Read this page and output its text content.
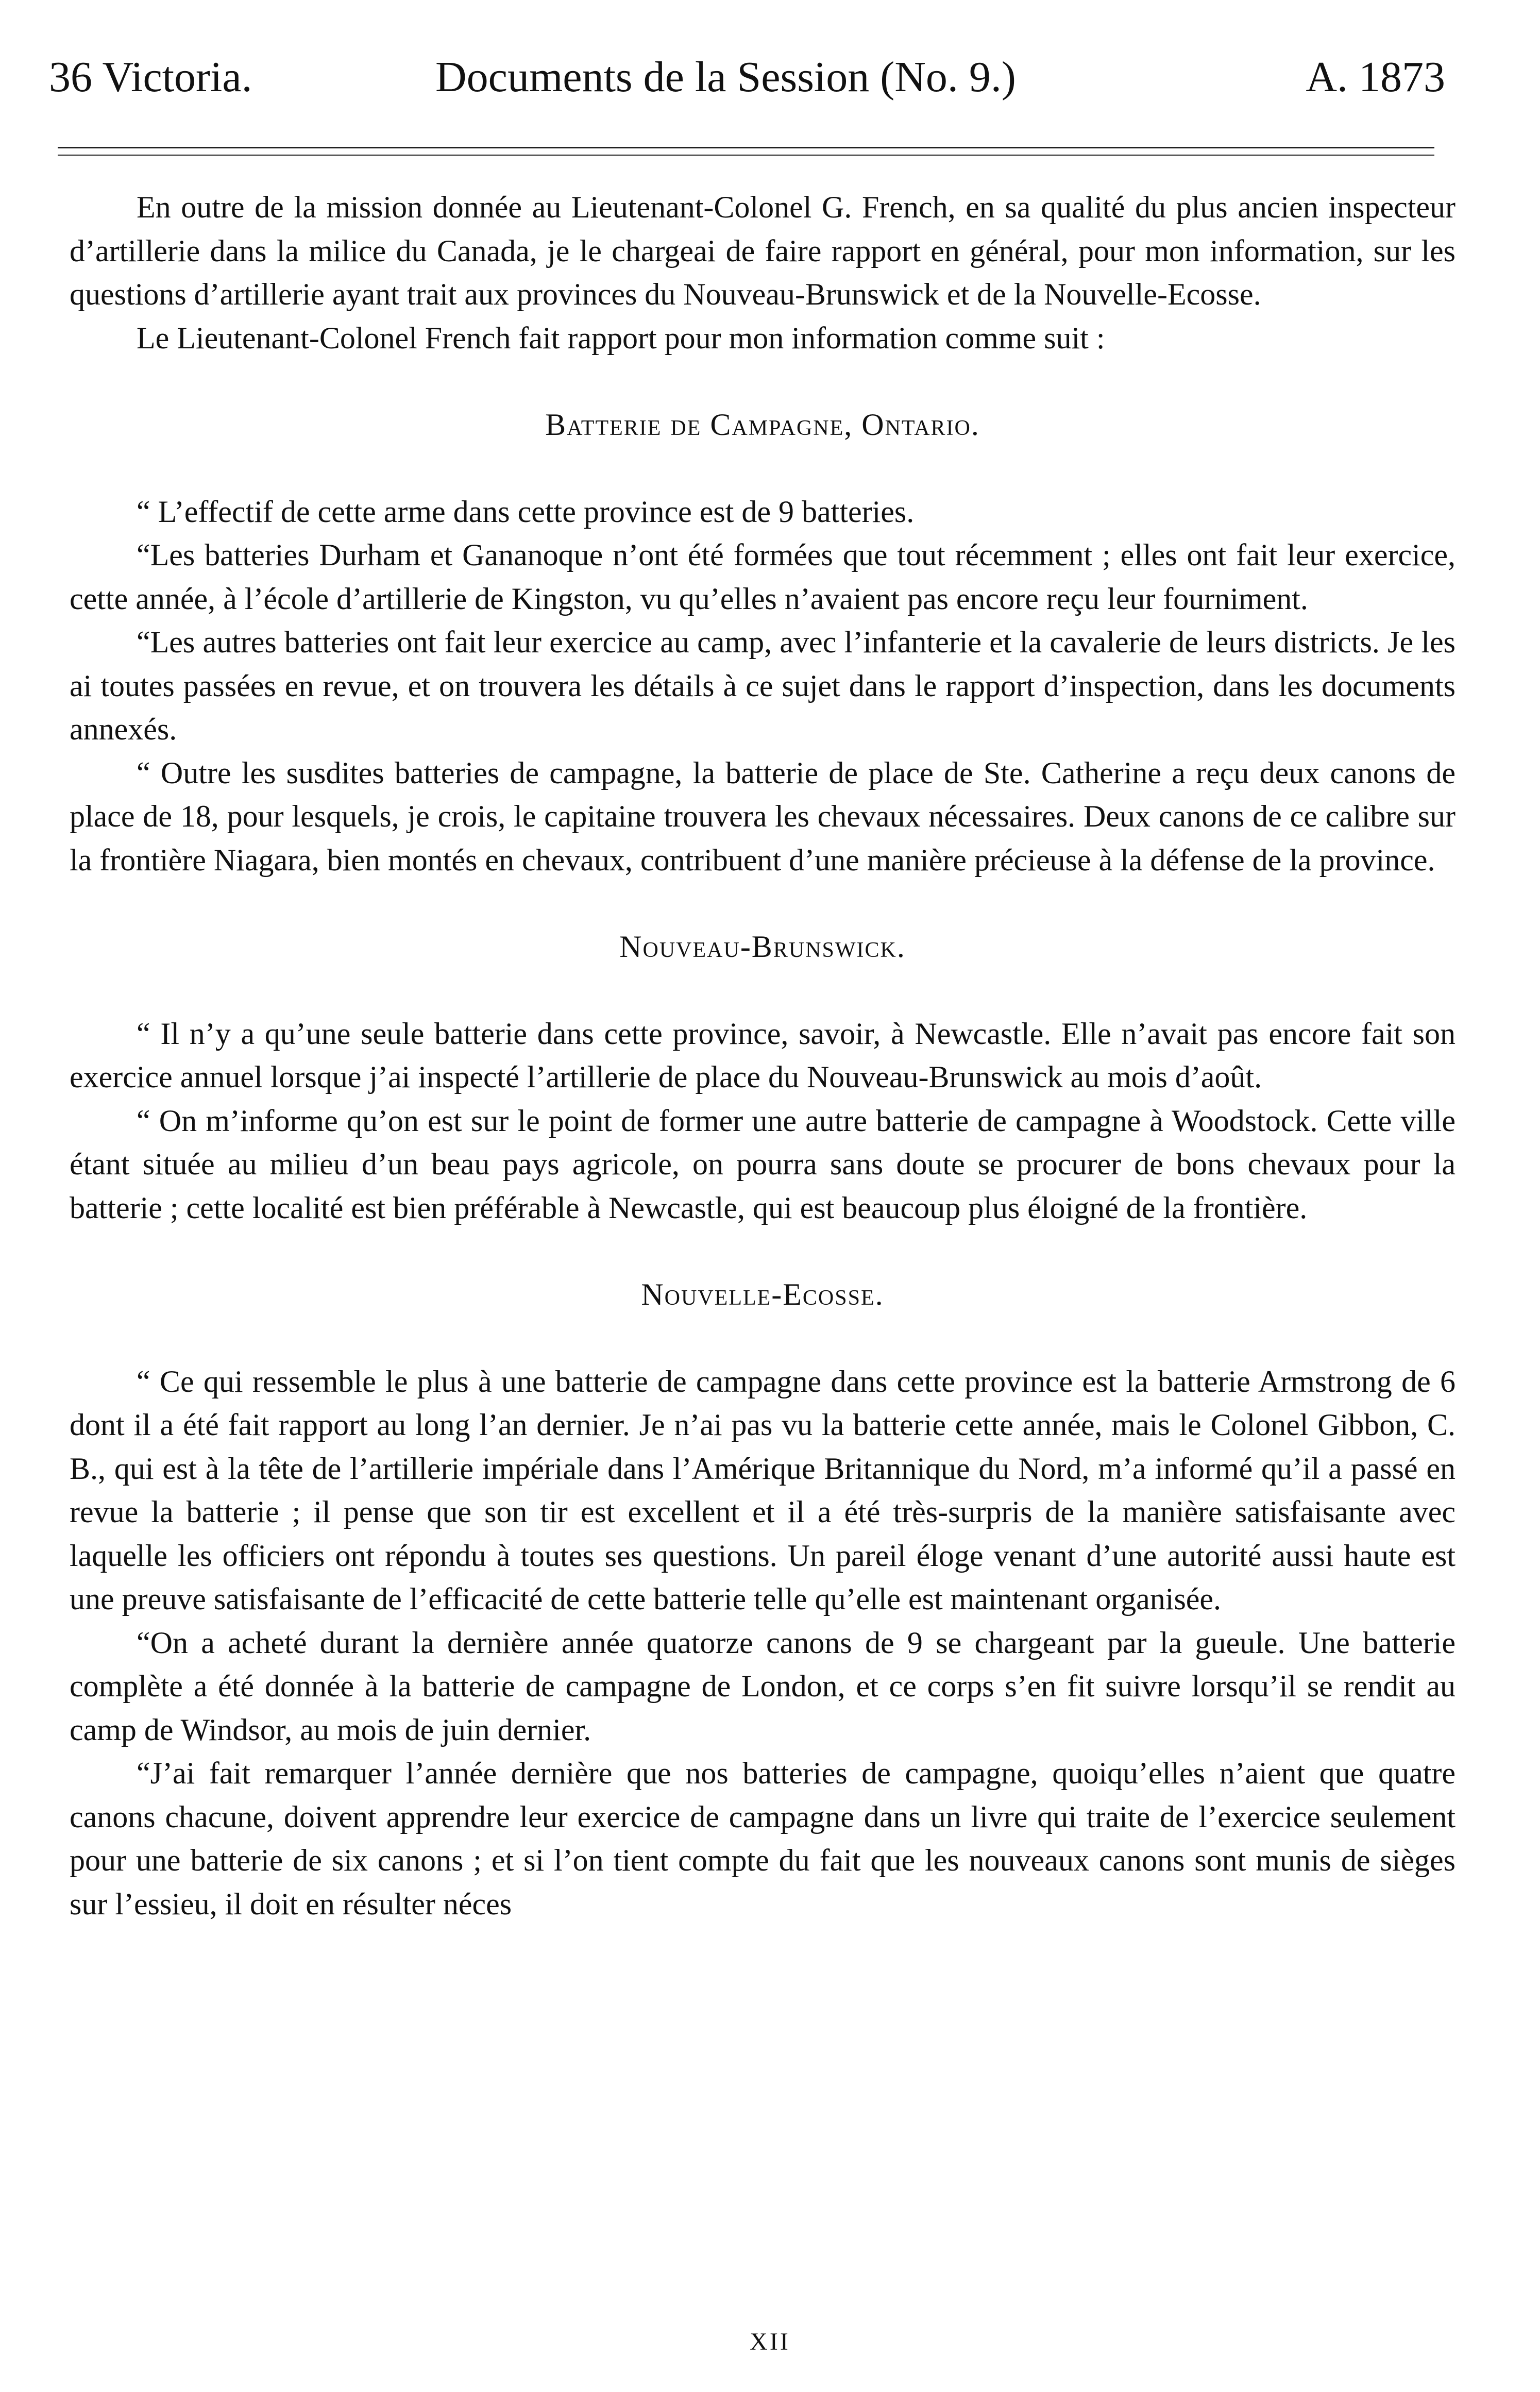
36 Victoria.	Documents de la Session (No. 9.)	A. 1873

En outre de la mission donnée au Lieutenant-Colonel G. French, en sa qualité du plus ancien inspecteur d’artillerie dans la milice du Canada, je le chargeai de faire rapport en général, pour mon information, sur les questions d’artillerie ayant trait aux provinces du Nouveau-Brunswick et de la Nouvelle-Ecosse.

Le Lieutenant-Colonel French fait rapport pour mon information comme suit :

Batterie de Campagne, Ontario.

“ L’effectif de cette arme dans cette province est de 9 batteries.

“Les batteries Durham et Gananoque n’ont été formées que tout récemment ; elles ont fait leur exercice, cette année, à l’école d’artillerie de Kingston, vu qu’elles n’avaient pas encore reçu leur fourniment.

“Les autres batteries ont fait leur exercice au camp, avec l’infanterie et la cavalerie de leurs districts. Je les ai toutes passées en revue, et on trouvera les détails à ce sujet dans le rapport d’inspection, dans les documents annexés.

“ Outre les susdites batteries de campagne, la batterie de place de Ste. Catherine a reçu deux canons de place de 18, pour lesquels, je crois, le capitaine trouvera les chevaux nécessaires. Deux canons de ce calibre sur la frontière Niagara, bien montés en chevaux, contribuent d’une manière précieuse à la défense de la province.

Nouveau-Brunswick.

“ Il n’y a qu’une seule batterie dans cette province, savoir, à Newcastle. Elle n’avait pas encore fait son exercice annuel lorsque j’ai inspecté l’artillerie de place du Nouveau-Brunswick au mois d’août.

“ On m’informe qu’on est sur le point de former une autre batterie de campagne à Woodstock. Cette ville étant située au milieu d’un beau pays agricole, on pourra sans doute se procurer de bons chevaux pour la batterie ; cette localité est bien préférable à Newcastle, qui est beaucoup plus éloigné de la frontière.

Nouvelle-Ecosse.

“ Ce qui ressemble le plus à une batterie de campagne dans cette province est la batterie Armstrong de 6 dont il a été fait rapport au long l’an dernier. Je n’ai pas vu la batterie cette année, mais le Colonel Gibbon, C. B., qui est à la tête de l’artillerie impériale dans l’Amérique Britannique du Nord, m’a informé qu’il a passé en revue la batterie ; il pense que son tir est excellent et il a été très-surpris de la manière satisfaisante avec laquelle les officiers ont répondu à toutes ses questions. Un pareil éloge venant d’une autorité aussi haute est une preuve satisfaisante de l’efficacité de cette batterie telle qu’elle est maintenant organisée.

“On a acheté durant la dernière année quatorze canons de 9 se chargeant par la gueule. Une batterie complète a été donnée à la batterie de campagne de London, et ce corps s’en fit suivre lorsqu’il se rendit au camp de Windsor, au mois de juin dernier.

“J’ai fait remarquer l’année dernière que nos batteries de campagne, quoiqu’elles n’aient que quatre canons chacune, doivent apprendre leur exercice de campagne dans un livre qui traite de l’exercice seulement pour une batterie de six canons ; et si l’on tient compte du fait que les nouveaux canons sont munis de sièges sur l’essieu, il doit en résulter néces

XII
